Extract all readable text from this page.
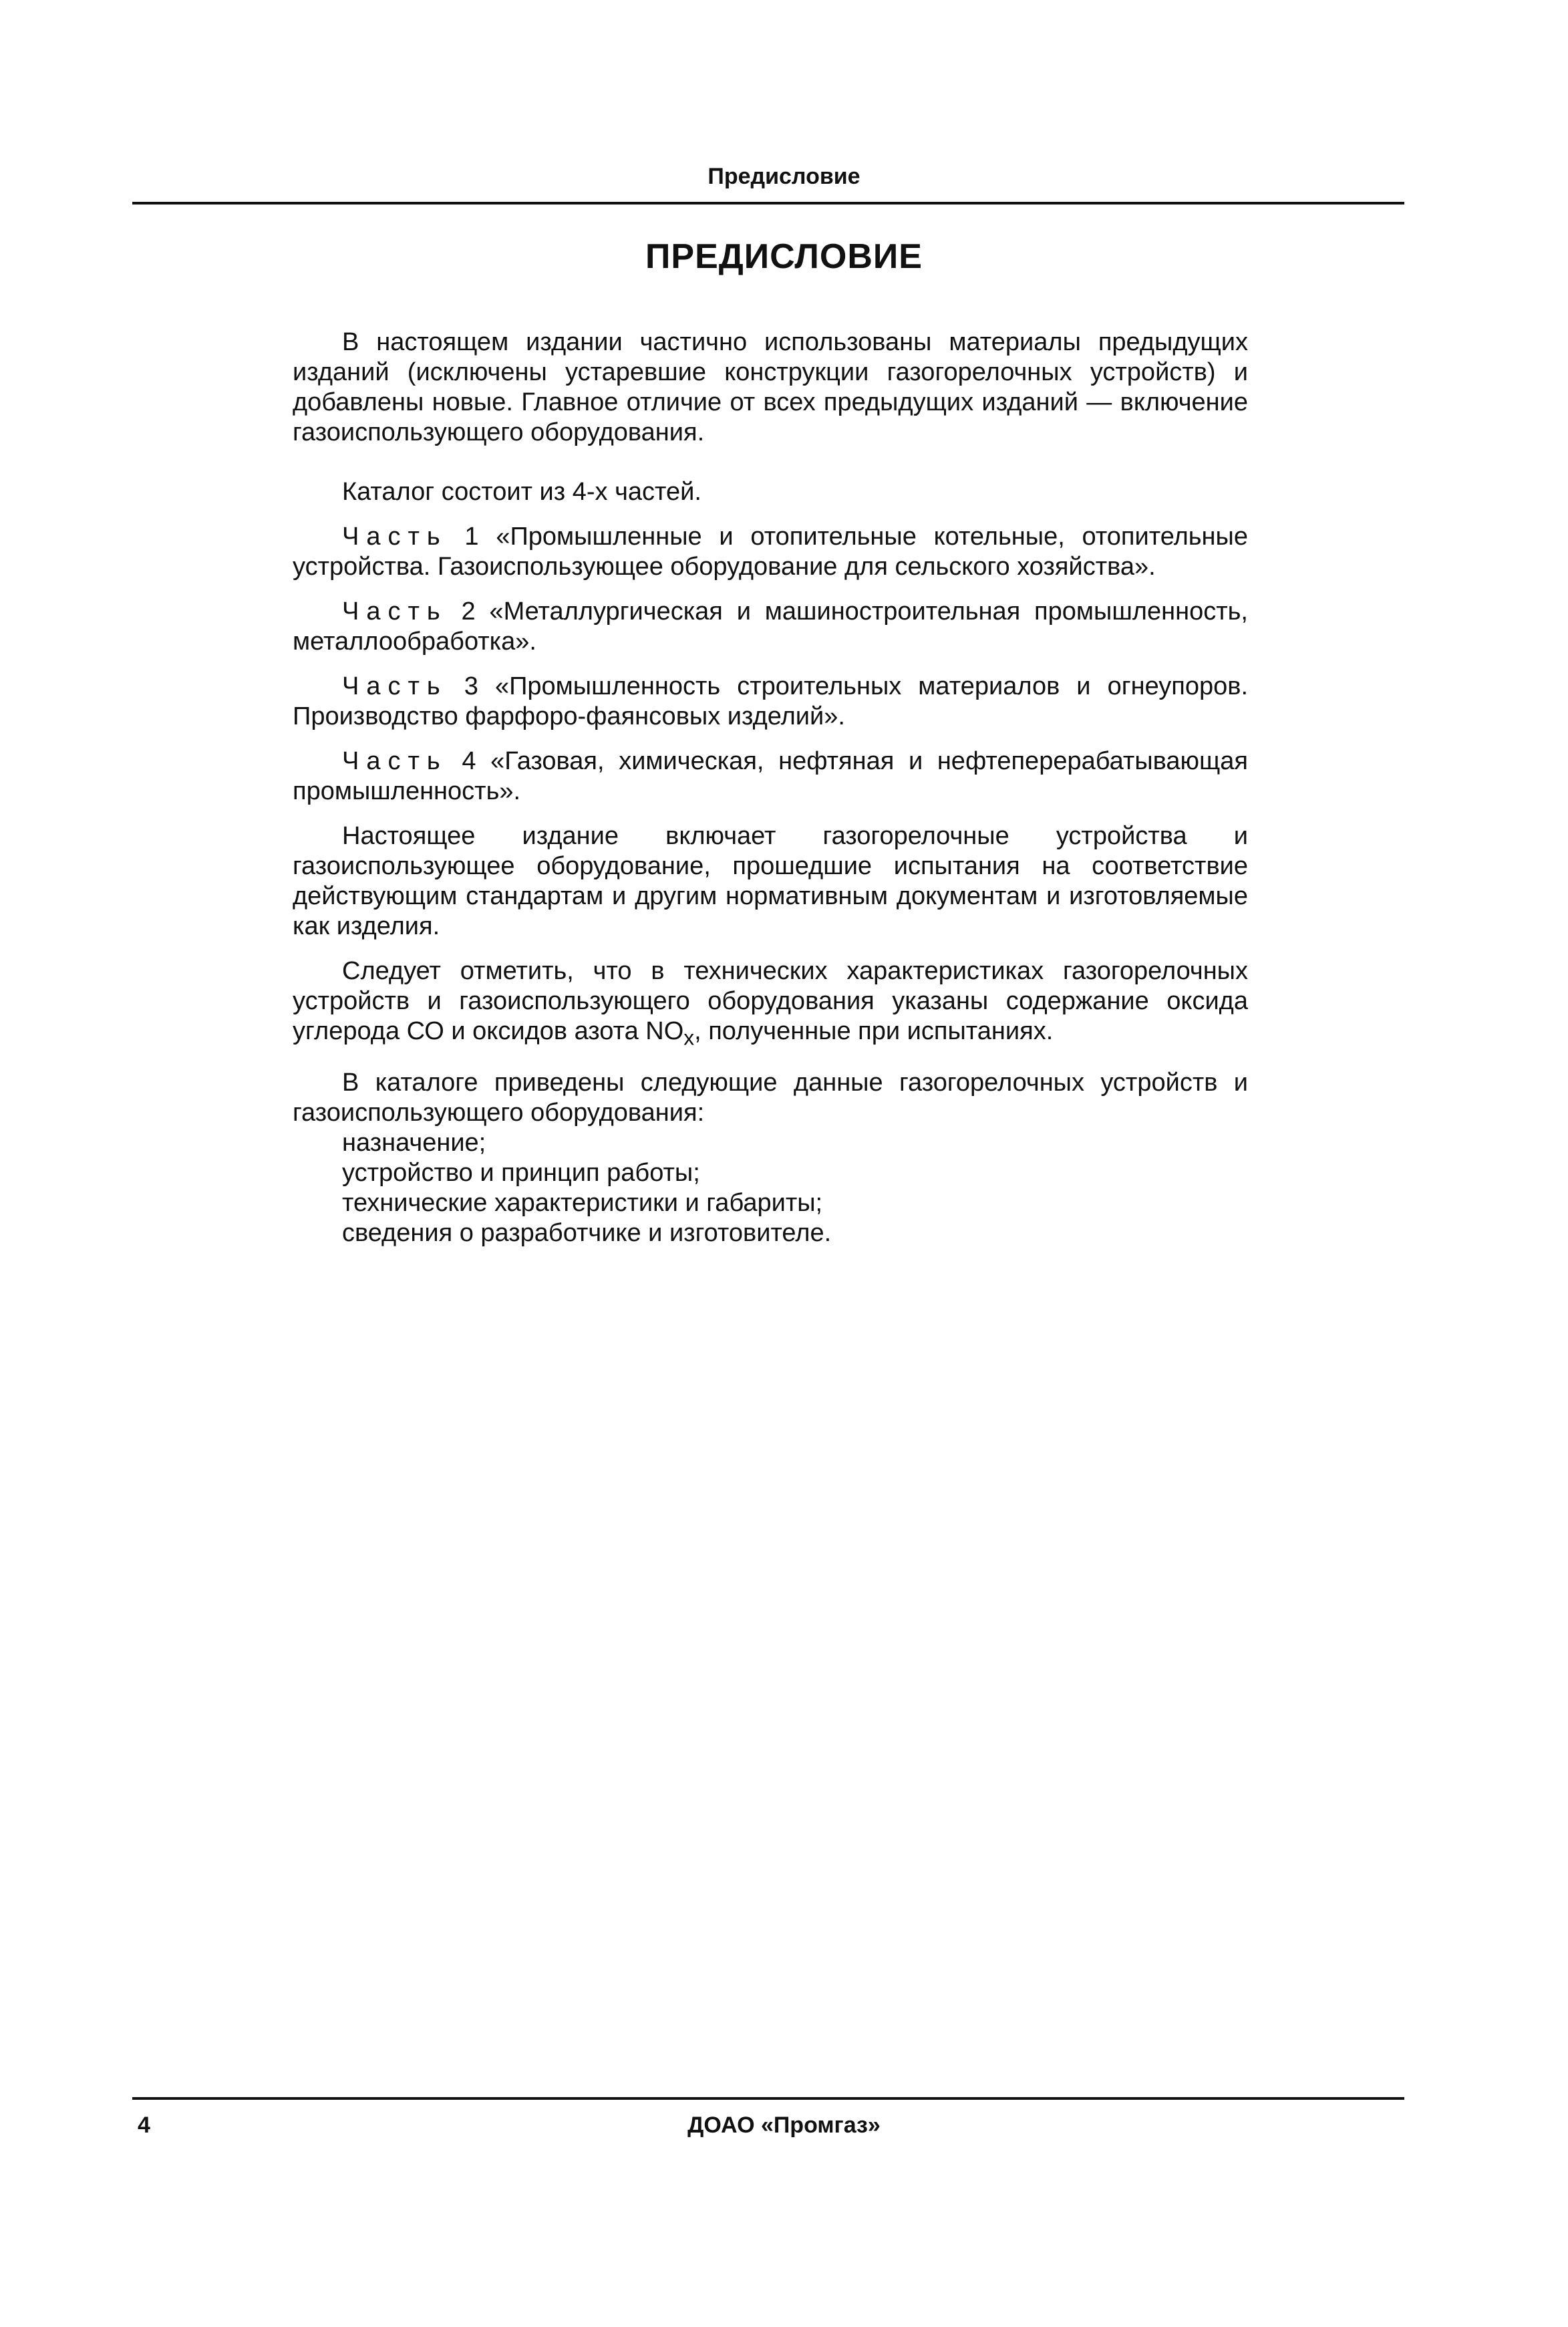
Предисловие
ПРЕДИСЛОВИЕ

В настоящем издании частично использованы материалы предыдущих изданий (исключены устаревшие конструкции газогорелочных устройств) и добавлены новые. Главное отличие от всех предыдущих изданий — включение газоиспользующего оборудования.

Каталог состоит из 4-х частей.

Часть 1 «Промышленные и отопительные котельные, отопительные устройства. Газоиспользующее оборудование для сельского хозяйства».

Часть 2 «Металлургическая и машиностроительная промышленность, металлообработка».

Часть 3 «Промышленность строительных материалов и огнеупоров. Производство фарфоро-фаянсовых изделий».

Часть 4 «Газовая, химическая, нефтяная и нефтеперерабатывающая промышленность».

Настоящее издание включает газогорелочные устройства и газоиспользующее оборудование, прошедшие испытания на соответствие действующим стандартам и другим нормативным документам и изготовляемые как изделия.

Следует отметить, что в технических характеристиках газогорелочных устройств и газоиспользующего оборудования указаны содержание оксида углерода СО и оксидов азота $NO_x$, полученные при испытаниях.

В каталоге приведены следующие данные газогорелочных устройств и газоиспользующего оборудования:

назначение;
устройство и принцип работы;
технические характеристики и габариты;
сведения о разработчике и изготовителе.
4	ДОАО «Промгаз»
